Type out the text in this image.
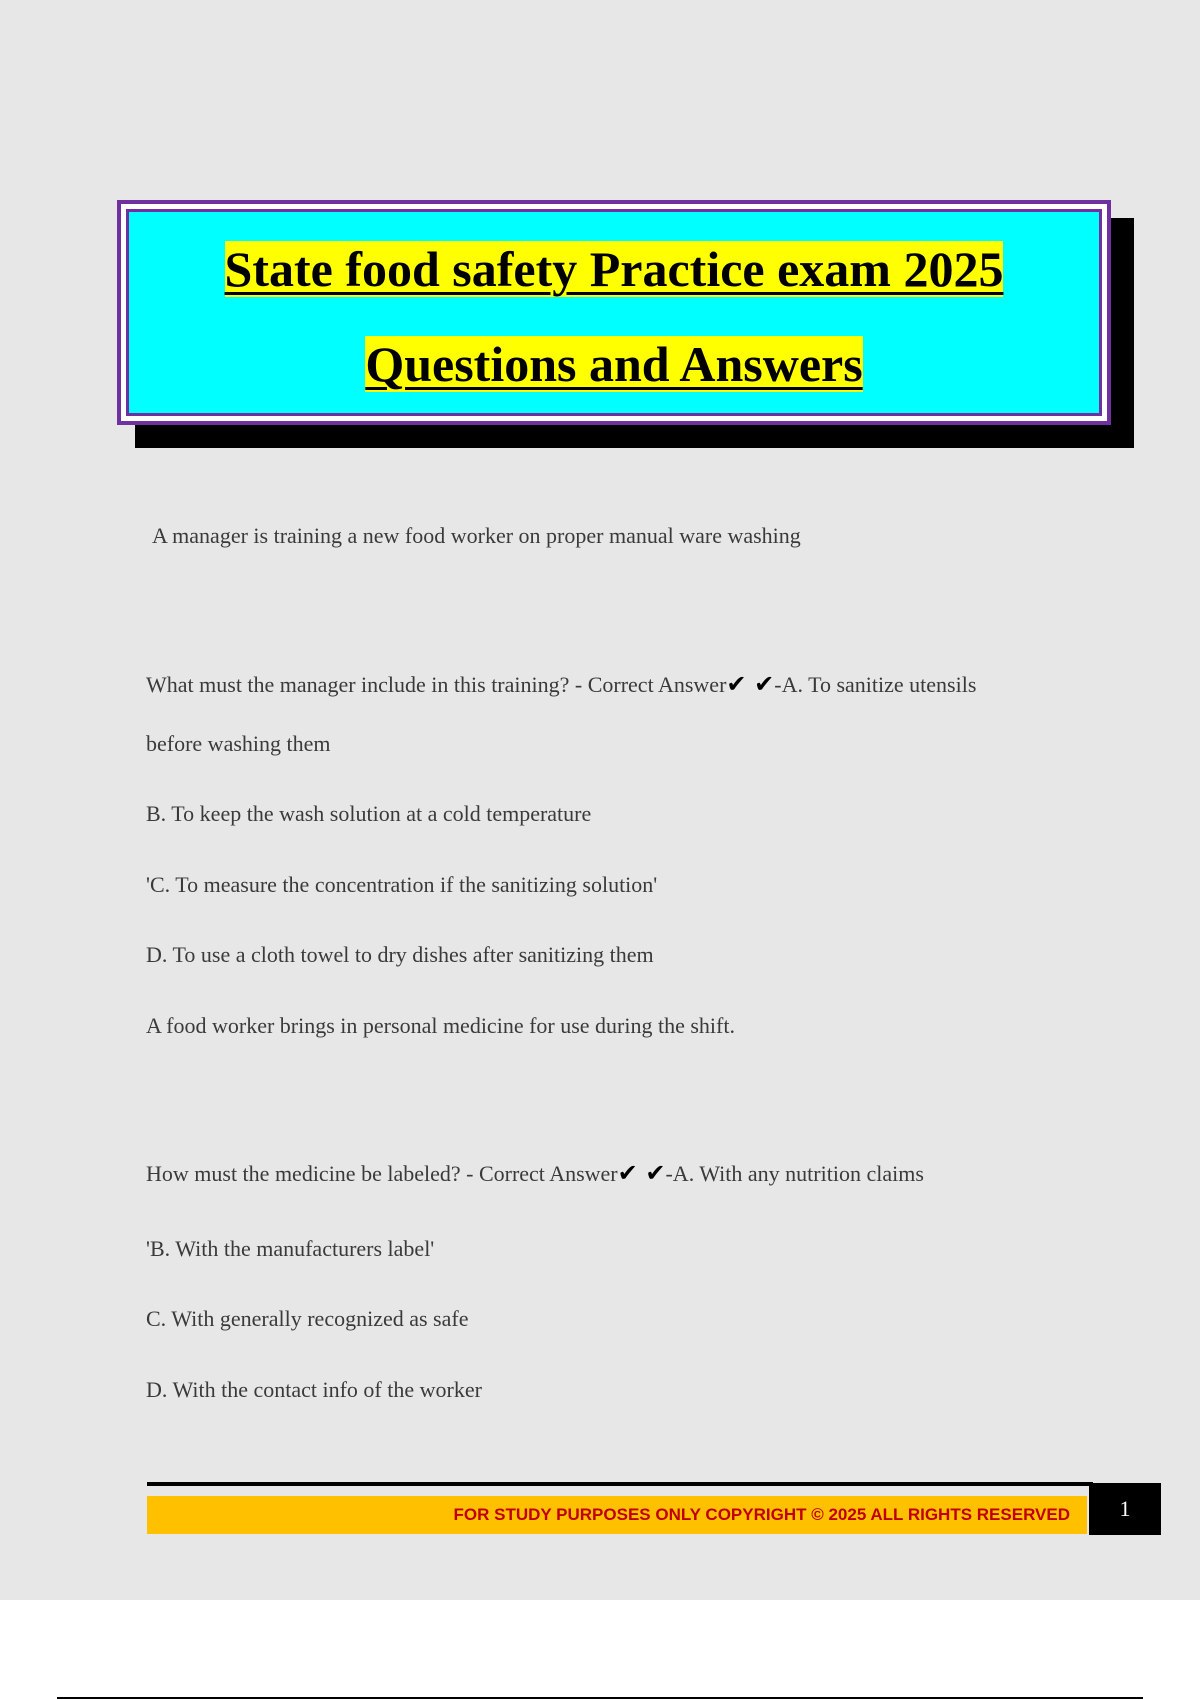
State food safety Practice exam 2025
Questions and Answers
A manager is training a new food worker on proper manual ware washing
What must the manager include in this training? - Correct Answer✔ ✔-A. To sanitize utensils
before washing them
B. To keep the wash solution at a cold temperature
'C. To measure the concentration if the sanitizing solution'
D. To use a cloth towel to dry dishes after sanitizing them
A food worker brings in personal medicine for use during the shift.
How must the medicine be labeled? - Correct Answer✔ ✔-A. With any nutrition claims
'B. With the manufacturers label'
C. With generally recognized as safe
D. With the contact info of the worker
FOR STUDY PURPOSES ONLY COPYRIGHT © 2025 ALL RIGHTS RESERVED	1
